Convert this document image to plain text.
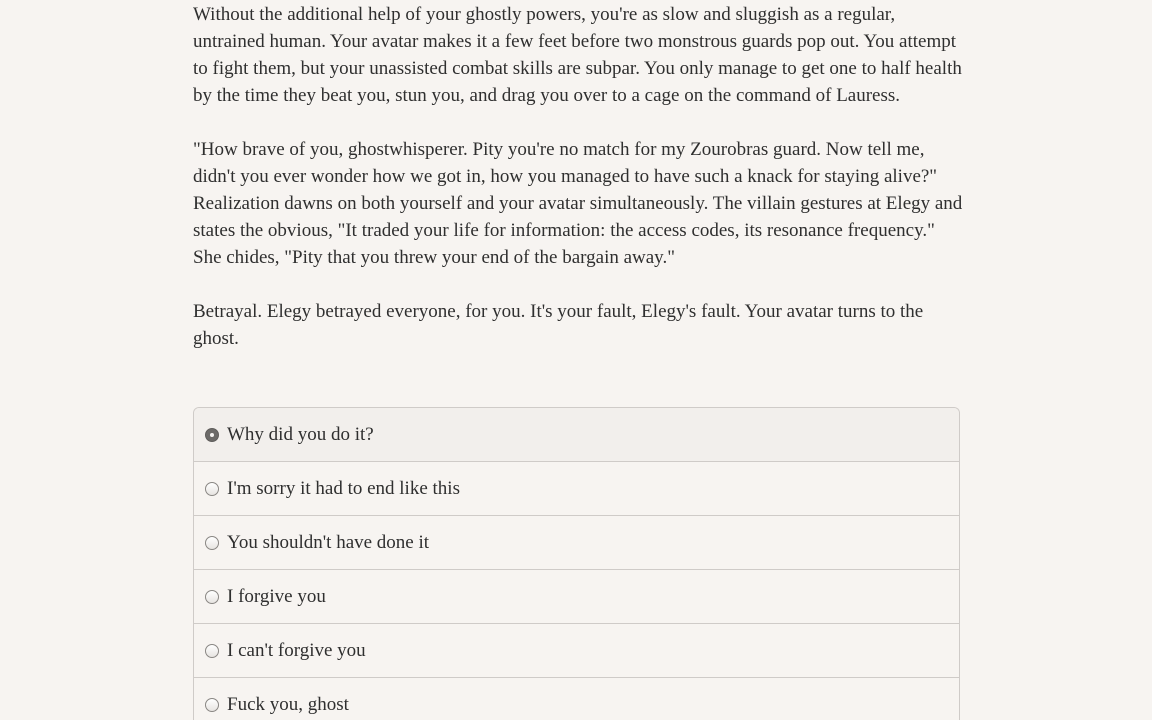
Without the additional help of your ghostly powers, you're as slow and sluggish as a regular, untrained human. Your avatar makes it a few feet before two monstrous guards pop out. You attempt to fight them, but your unassisted combat skills are subpar. You only manage to get one to half health by the time they beat you, stun you, and drag you over to a cage on the command of Lauress.

"How brave of you, ghostwhisperer. Pity you're no match for my Zourobras guard. Now tell me, didn't you ever wonder how we got in, how you managed to have such a knack for staying alive?" Realization dawns on both yourself and your avatar simultaneously. The villain gestures at Elegy and states the obvious, "It traded your life for information: the access codes, its resonance frequency." She chides, "Pity that you threw your end of the bargain away."

Betrayal. Elegy betrayed everyone, for you. It's your fault, Elegy's fault. Your avatar turns to the ghost.

Why did you do it?
I'm sorry it had to end like this
You shouldn't have done it
I forgive you
I can't forgive you
Fuck you, ghost
